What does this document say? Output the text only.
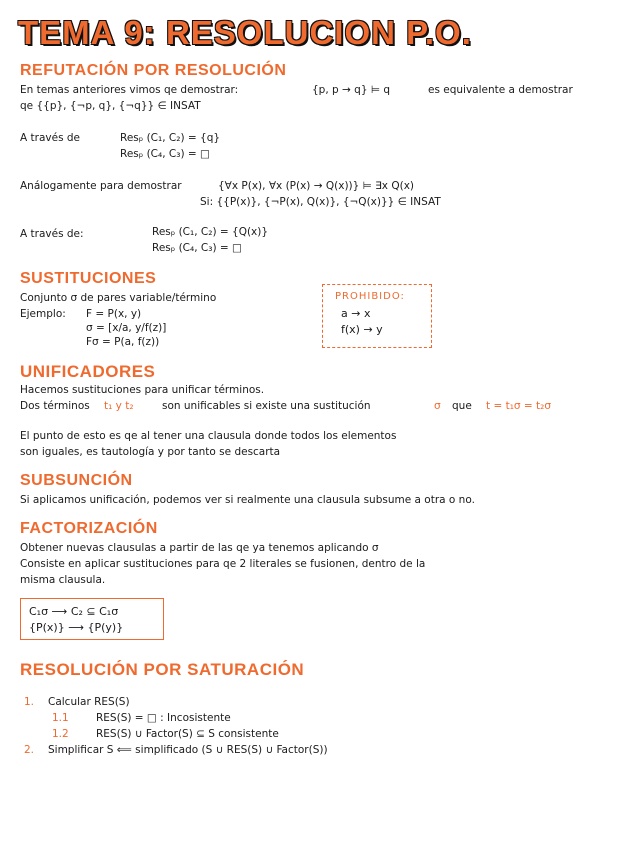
TEMA 9: RESOLUCION P.O.
REFUTACIÓN POR RESOLUCIÓN
En temas anteriores vimos qe demostrar:	{p, p → q} ⊨ q	es equivalente a demostrar
qe {{p}, {¬p, q}, {¬q}} ∈ INSAT
A través de	Resₚ (C₁, C₂) = {q}
Resₚ (C₄, C₃) = □
Análogamente para demostrar	{∀x P(x), ∀x (P(x) → Q(x))} ⊨ ∃x Q(x)
Si: {{P(x)}, {¬P(x), Q(x)}, {¬Q(x)}} ∈ INSAT
A través de:	Resₚ (C₁, C₂) = {Q(x)}
Resₚ (C₄, C₃) = □
SUSTITUCIONES
Conjunto σ de pares variable/término
Ejemplo: F = P(x, y)
σ = [x/a, y/f(z)]
Fσ = P(a, f(z))
PROHIBIDO:
a → x
f(x) → y
UNIFICADORES
Hacemos sustituciones para unificar términos.
Dos términos t₁ y t₂	son unificables si existe una sustitución	σ que t = t₁σ = t₂σ
El punto de esto es qe al tener una clausula donde todos los elementos
son iguales, es tautología y por tanto se descarta
SUBSUNCIÓN
Si aplicamos unificación, podemos ver si realmente una clausula subsume a otra o no.
FACTORIZACIÓN
Obtener nuevas clausulas a partir de las qe ya tenemos aplicando σ
Consiste en aplicar sustituciones para qe 2 literales se fusionen, dentro de la
misma clausula.
C₁σ ⟶ C₂ ⊆ C₁σ
{P(x)} ⟶ {P(y)}
RESOLUCIÓN POR SATURACIÓN
1. Calcular RES(S)
1.1	RES(S) = □ : Incosistente
1.2	RES(S) ∪ Factor(S) ⊆ S consistente
2. Simplificar S ⟸ simplificado (S ∪ RES(S) ∪ Factor(S))
